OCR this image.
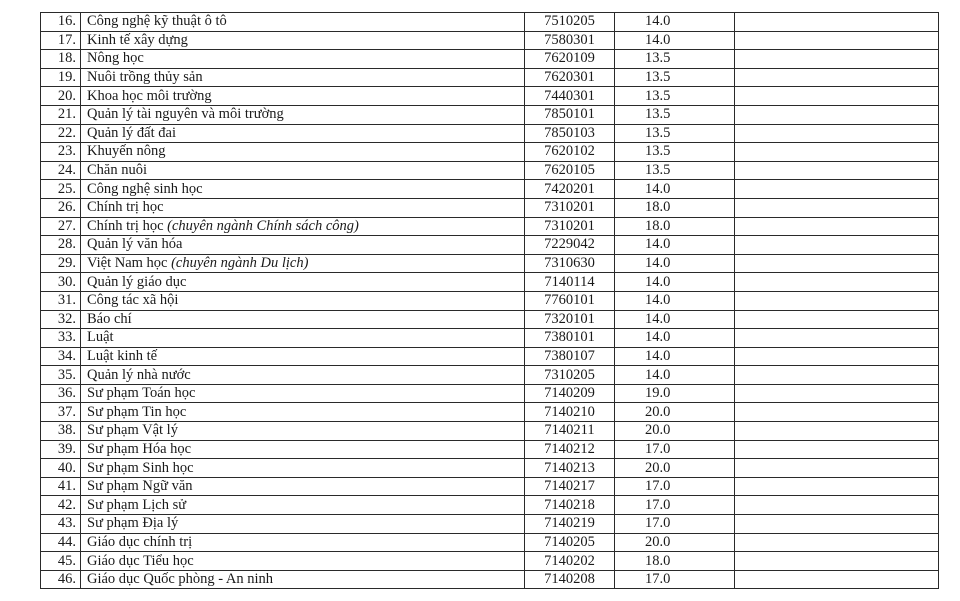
16.	Công nghệ kỹ thuật ô tô	7510205	14.0	
17.	Kinh tế xây dựng	7580301	14.0	
18.	Nông học	7620109	13.5	
19.	Nuôi trồng thủy sản	7620301	13.5	
20.	Khoa học môi trường	7440301	13.5	
21.	Quản lý tài nguyên và môi trường	7850101	13.5	
22.	Quản lý đất đai	7850103	13.5	
23.	Khuyến nông	7620102	13.5	
24.	Chăn nuôi	7620105	13.5	
25.	Công nghệ sinh học	7420201	14.0	
26.	Chính trị học	7310201	18.0	
27.	Chính trị học (chuyên ngành Chính sách công)	7310201	18.0	
28.	Quản lý văn hóa	7229042	14.0	
29.	Việt Nam học (chuyên ngành Du lịch)	7310630	14.0	
30.	Quản lý giáo dục	7140114	14.0	
31.	Công tác xã hội	7760101	14.0	
32.	Báo chí	7320101	14.0	
33.	Luật	7380101	14.0	
34.	Luật kinh tế	7380107	14.0	
35.	Quản lý nhà nước	7310205	14.0	
36.	Sư phạm Toán học	7140209	19.0	
37.	Sư phạm Tin học	7140210	20.0	
38.	Sư phạm Vật lý	7140211	20.0	
39.	Sư phạm Hóa học	7140212	17.0	
40.	Sư phạm Sinh học	7140213	20.0	
41.	Sư phạm Ngữ văn	7140217	17.0	
42.	Sư phạm Lịch sử	7140218	17.0	
43.	Sư phạm Địa lý	7140219	17.0	
44.	Giáo dục chính trị	7140205	20.0	
45.	Giáo dục Tiểu học	7140202	18.0	
46.	Giáo dục Quốc phòng - An ninh	7140208	17.0	
